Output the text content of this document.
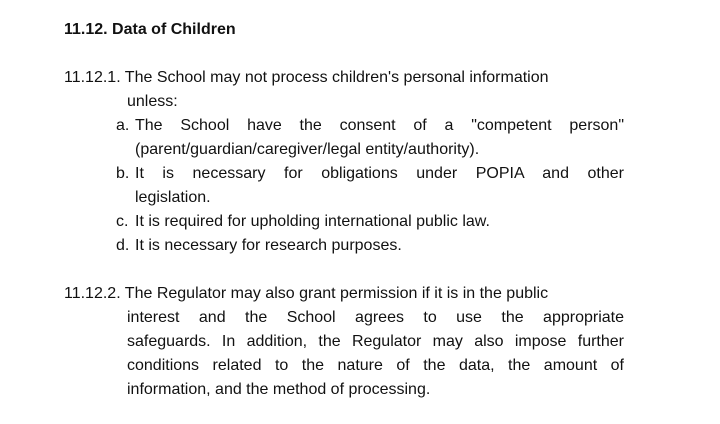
11.12. Data of Children
11.12.1. The School may not process children's personal information
unless:
a. The School have the consent of a "competent person"
(parent/guardian/caregiver/legal entity/authority).
b. It is necessary for obligations under POPIA and other
legislation.
c. It is required for upholding international public law.
d. It is necessary for research purposes.
11.12.2. The Regulator may also grant permission if it is in the public
interest and the School agrees to use the appropriate
safeguards. In addition, the Regulator may also impose further
conditions related to the nature of the data, the amount of
information, and the method of processing.
